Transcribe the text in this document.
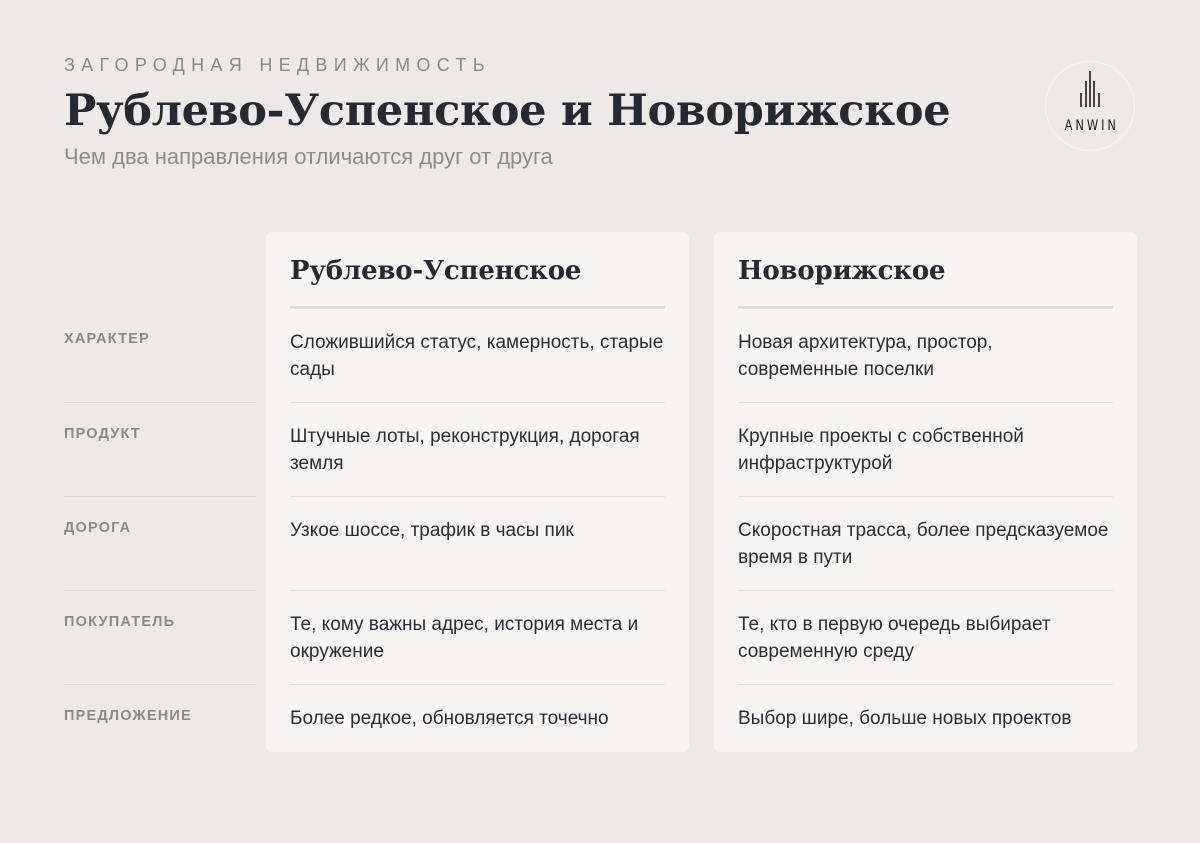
ЗАГОРОДНАЯ НЕДВИЖИМОСТЬ
Рублево-Успенское и Новорижское
Чем два направления отличаются друг от друга
ANWIN
ХАРАКТЕР
ПРОДУКТ
ДОРОГА
ПОКУПАТЕЛЬ
ПРЕДЛОЖЕНИЕ
Рублево-Успенское
Сложившийся статус, камерность, старые сады
Штучные лоты, реконструкция, дорогая земля
Узкое шоссе, трафик в часы пик
Те, кому важны адрес, история места и окружение
Более редкое, обновляется точечно
Новорижское
Новая архитектура, простор, современные поселки
Крупные проекты с собственной инфраструктурой
Скоростная трасса, более предсказуемое время в пути
Те, кто в первую очередь выбирает современную среду
Выбор шире, больше новых проектов
